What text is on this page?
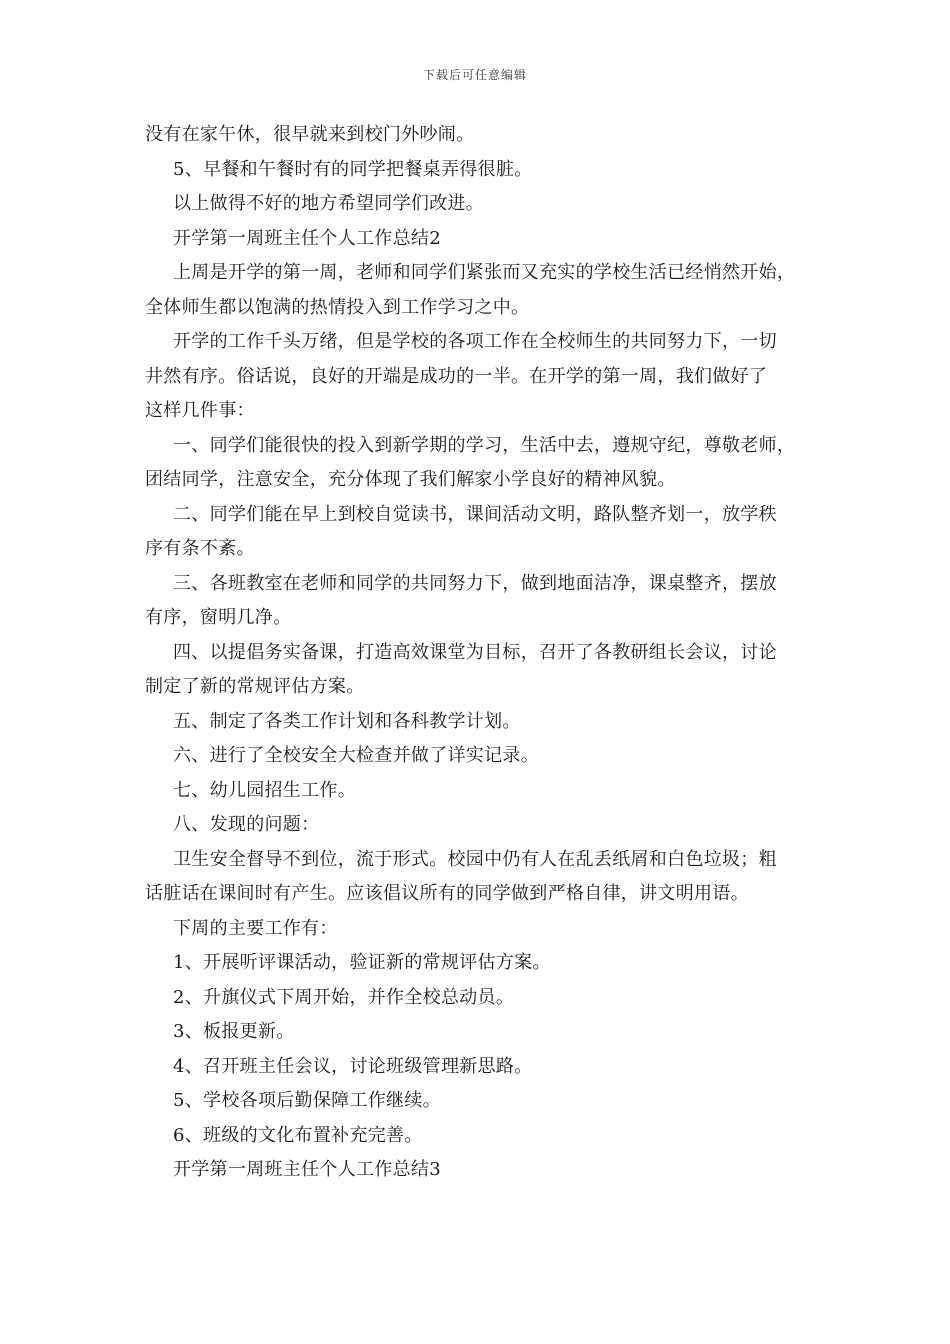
下载后可任意编辑

没有在家午休，很早就来到校门外吵闹。

5、早餐和午餐时有的同学把餐桌弄得很脏。

以上做得不好的地方希望同学们改进。

开学第一周班主任个人工作总结2

上周是开学的第一周，老师和同学们紧张而又充实的学校生活已经悄然开始，

全体师生都以饱满的热情投入到工作学习之中。

开学的工作千头万绪，但是学校的各项工作在全校师生的共同努力下，一切

井然有序。俗话说，良好的开端是成功的一半。在开学的第一周，我们做好了

这样几件事：

一、同学们能很快的投入到新学期的学习，生活中去，遵规守纪，尊敬老师，

团结同学，注意安全，充分体现了我们解家小学良好的精神风貌。

二、同学们能在早上到校自觉读书，课间活动文明，路队整齐划一，放学秩

序有条不紊。

三、各班教室在老师和同学的共同努力下，做到地面洁净，课桌整齐，摆放

有序，窗明几净。

四、以提倡务实备课，打造高效课堂为目标，召开了各教研组长会议，讨论

制定了新的常规评估方案。

五、制定了各类工作计划和各科教学计划。

六、进行了全校安全大检查并做了详实记录。

七、幼儿园招生工作。

八、发现的问题：

卫生安全督导不到位，流于形式。校园中仍有人在乱丢纸屑和白色垃圾；粗

话脏话在课间时有产生。应该倡议所有的同学做到严格自律，讲文明用语。

下周的主要工作有：

1、开展听评课活动，验证新的常规评估方案。

2、升旗仪式下周开始，并作全校总动员。

3、板报更新。

4、召开班主任会议，讨论班级管理新思路。

5、学校各项后勤保障工作继续。

6、班级的文化布置补充完善。

开学第一周班主任个人工作总结3
